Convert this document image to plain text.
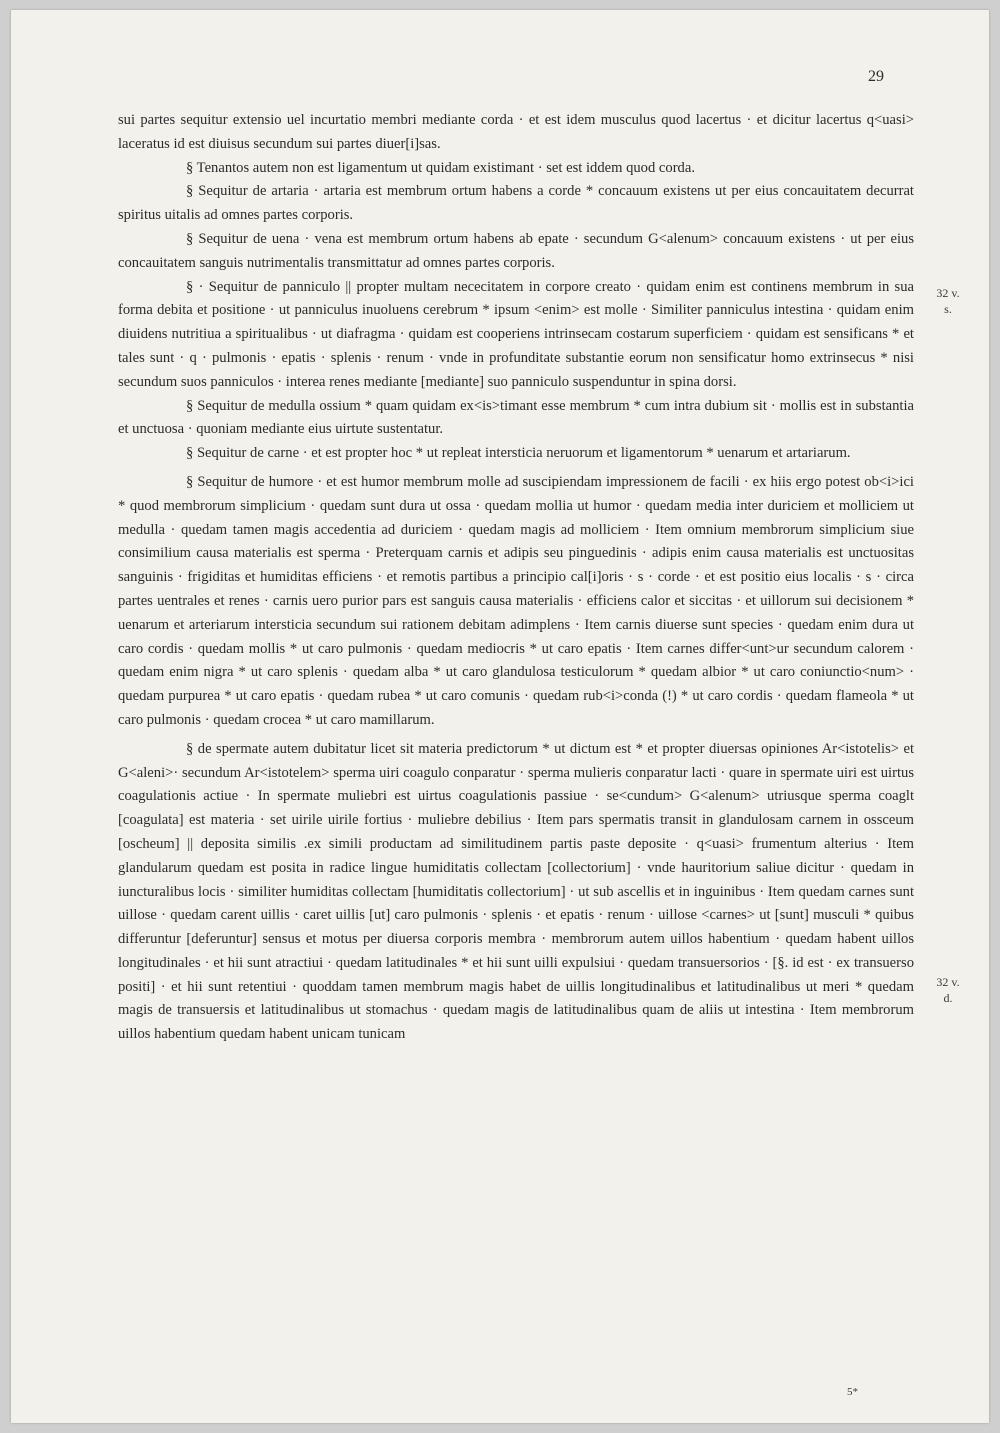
29

sui partes sequitur extensio uel incurtatio membri mediante corda · et est idem musculus quod lacertus · et dicitur lacertus q<uasi> laceratus id est diuisus secundum sui partes diuer[i]sas.

§ Tenantos autem non est ligamentum ut quidam existimant · set est iddem quod corda.

§ Sequitur de artaria · artaria est membrum ortum habens a corde * concauum existens ut per eius concauitatem decurrat spiritus uitalis ad omnes partes corporis.

§ Sequitur de uena · vena est membrum ortum habens ab epate · secundum G<alenum> concauum existens · ut per eius concauitatem sanguis nutrimentalis transmittatur ad omnes partes corporis.

§ · Sequitur de panniculo || propter multam nececitatem in corpore creato · quidam enim est continens membrum in sua forma debita et positione · ut panniculus inuoluens cerebrum * ipsum <enim> est molle · Similiter panniculus intestina · quidam enim diuidens nutritiua a spiritualibus · ut diafragma · quidam est cooperiens intrinsecam costarum superficiem · quidam est sensificans * et tales sunt · q · pulmonis · epatis · splenis · renum · vnde in profunditate substantie eorum non sensificatur homo extrinsecus * nisi secundum suos panniculos · interea renes mediante [mediante] suo panniculo suspenduntur in spina dorsi.

§ Sequitur de medulla ossium * quam quidam ex<is>timant esse membrum * cum intra dubium sit · mollis est in substantia et unctuosa · quoniam mediante eius uirtute sustentatur.

§ Sequitur de carne · et est propter hoc * ut repleat intersticia neruorum et ligamentorum * uenarum et artariarum.

§ Sequitur de humore · et est humor membrum molle ad suscipiendam impressionem de facili · ex hiis ergo potest ob<i>ici * quod membrorum simplicium · quedam sunt dura ut ossa · quedam mollia ut humor · quedam media inter duriciem et molliciem ut medulla · quedam tamen magis accedentia ad duriciem · quedam magis ad molliciem · Item omnium membrorum simplicium siue consimilium causa materialis est sperma · Preterquam carnis et adipis seu pinguedinis · adipis enim causa materialis est unctuositas sanguinis · frigiditas et humiditas efficiens · et remotis partibus a principio cal[i]oris · s · corde · et est positio eius localis · s · circa partes uentrales et renes · carnis uero purior pars est sanguis causa materialis · efficiens calor et siccitas · et uillorum sui decisionem * uenarum et arteriarum intersticia secundum sui rationem debitam adimplens · Item carnis diuerse sunt species · quedam enim dura ut caro cordis · quedam mollis * ut caro pulmonis · quedam mediocris * ut caro epatis · Item carnes differ<unt>ur secundum calorem · quedam enim nigra * ut caro splenis · quedam alba * ut caro glandulosa testiculorum * quedam albior * ut caro coniunctio<num> · quedam purpurea * ut caro epatis · quedam rubea * ut caro comunis · quedam rub<i>conda (!) * ut caro cordis · quedam flameola * ut caro pulmonis · quedam crocea * ut caro mamillarum.

§ de spermate autem dubitatur licet sit materia predictorum * ut dictum est * et propter diuersas opiniones Ar<istotelis> et G<aleni>· secundum Ar<istotelem> sperma uiri coagulo conparatur · sperma mulieris conparatur lacti · quare in spermate uiri est uirtus coagulationis actiue · In spermate muliebri est uirtus coagulationis passiue · se<cundum> G<alenum> utriusque sperma coaglt [coagulata] est materia · set uirile uirile fortius · muliebre debilius · Item pars spermatis transit in glandulosam carnem in ossceum [oscheum] || deposita similis .ex simili productam ad similitudinem partis paste deposite · q<uasi> frumentum alterius · Item glandularum quedam est posita in radice lingue humiditatis collectam [collectorium] · vnde hauritorium saliue dicitur · quedam in iuncturalibus locis · similiter humiditas collectam [humiditatis collectorium] · ut sub ascellis et in inguinibus · Item quedam carnes sunt uillose · quedam carent uillis · caret uillis [ut] caro pulmonis · splenis · et epatis · renum · uillose <carnes> ut [sunt] musculi * quibus differuntur [deferuntur] sensus et motus per diuersa corporis membra · membrorum autem uillos habentium · quedam habent uillos longitudinales · et hii sunt atractiui · quedam latitudinales * et hii sunt uilli expulsiui · quedam transuersorios · [§. id est · ex transuerso positi] · et hii sunt retentiui · quoddam tamen membrum magis habet de uillis longitudinalibus et latitudinalibus ut meri * quedam magis de transuersis et latitudinalibus ut stomachus · quedam magis de latitudinalibus quam de aliis ut intestina · Item membrorum uillos habentium quedam habent unicam tunicam

32 v.
s.
32 v.
d.
5*
